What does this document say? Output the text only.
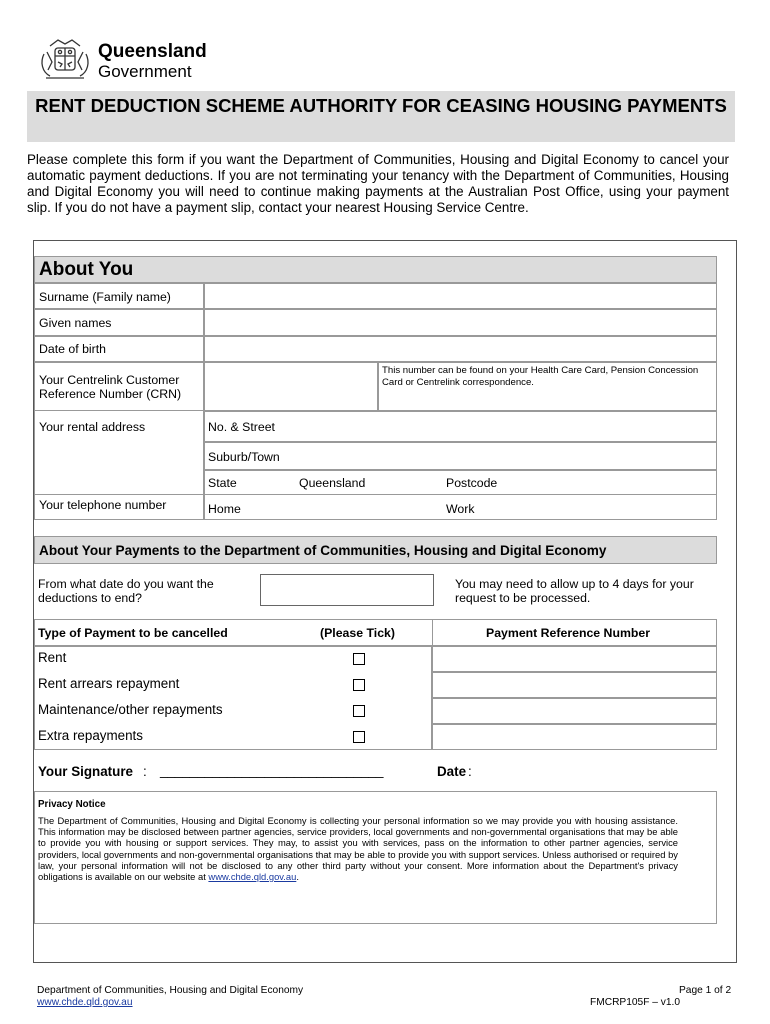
Queensland
Government
RENT DEDUCTION SCHEME AUTHORITY FOR CEASING HOUSING PAYMENTS
Please complete this form if you want the Department of Communities, Housing and Digital Economy to cancel your automatic payment deductions. If you are not terminating your tenancy with the Department of Communities, Housing and Digital Economy you will need to continue making payments at the Australian Post Office, using your payment slip. If you do not have a payment slip, contact your nearest Housing Service Centre.
About You
Surname (Family name)
Given names
Date of birth
Your Centrelink Customer Reference Number (CRN)
This number can be found on your Health Care Card, Pension Concession Card or Centrelink correspondence.
Your rental address	No. & Street
Suburb/Town
State	Queensland	Postcode
Your telephone number	Home	Work
About Your Payments to the Department of Communities, Housing and Digital Economy
From what date do you want the deductions to end?
You may need to allow up to 4 days for your request to be processed.
Type of Payment to be cancelled	(Please Tick)	Payment Reference Number
Rent
Rent arrears repayment
Maintenance/other repayments
Extra repayments
Your Signature : ______________________________	Date :
Privacy Notice
The Department of Communities, Housing and Digital Economy is collecting your personal information so we may provide you with housing assistance. This information may be disclosed between partner agencies, service providers, local governments and non-governmental organisations that may be able to provide you with housing or support services. They may, to assist you with services, pass on the information to other partner agencies, service providers, local governments and non-governmental organisations that may be able to provide you with support services. Unless authorised or required by law, your personal information will not be disclosed to any other third party without your consent. More information about the Department's privacy obligations is available on our website at www.chde.qld.gov.au.
Department of Communities, Housing and Digital Economy
www.chde.qld.gov.au
Page 1 of 2
FMCRP105F – v1.0
